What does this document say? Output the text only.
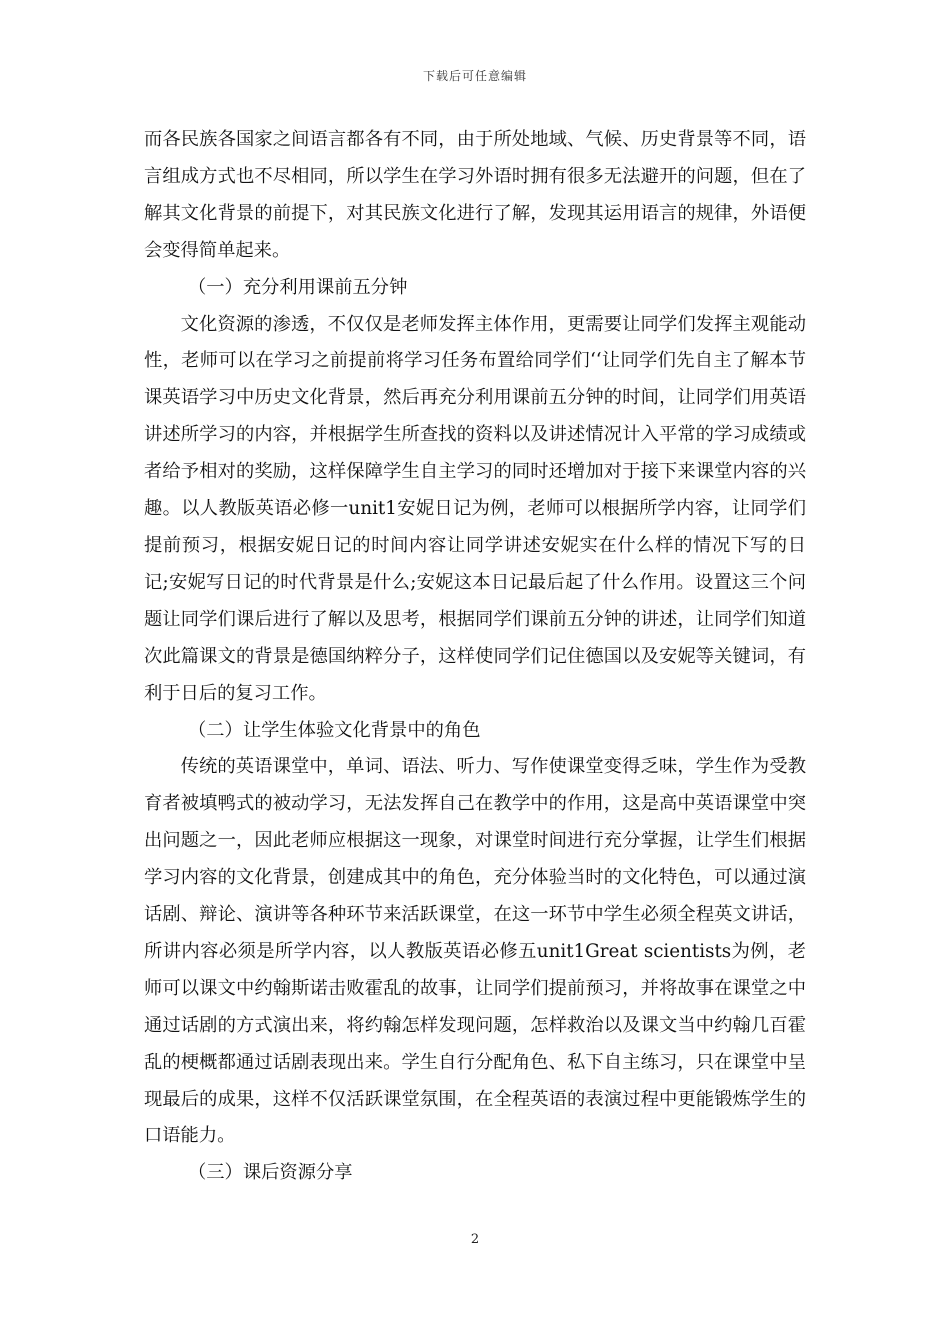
下载后可任意编辑

而各民族各国家之间语言都各有不同，由于所处地域、气候、历史背景等不同，语言组成方式也不尽相同，所以学生在学习外语时拥有很多无法避开的问题，但在了解其文化背景的前提下，对其民族文化进行了解，发现其运用语言的规律，外语便会变得简单起来。

（一）充分利用课前五分钟

文化资源的渗透，不仅仅是老师发挥主体作用，更需要让同学们发挥主观能动性，老师可以在学习之前提前将学习任务布置给同学们‘‘让同学们先自主了解本节课英语学习中历史文化背景，然后再充分利用课前五分钟的时间，让同学们用英语讲述所学习的内容，并根据学生所查找的资料以及讲述情况计入平常的学习成绩或者给予相对的奖励，这样保障学生自主学习的同时还增加对于接下来课堂内容的兴趣。以人教版英语必修一unit1安妮日记为例，老师可以根据所学内容，让同学们提前预习，根据安妮日记的时间内容让同学讲述安妮实在什么样的情况下写的日记;安妮写日记的时代背景是什么;安妮这本日记最后起了什么作用。设置这三个问题让同学们课后进行了解以及思考，根据同学们课前五分钟的讲述，让同学们知道次此篇课文的背景是德国纳粹分子，这样使同学们记住德国以及安妮等关键词，有利于日后的复习工作。

（二）让学生体验文化背景中的角色

传统的英语课堂中，单词、语法、听力、写作使课堂变得乏味，学生作为受教育者被填鸭式的被动学习，无法发挥自己在教学中的作用，这是高中英语课堂中突出问题之一，因此老师应根据这一现象，对课堂时间进行充分掌握，让学生们根据学习内容的文化背景，创建成其中的角色，充分体验当时的文化特色，可以通过演话剧、辩论、演讲等各种环节来活跃课堂，在这一环节中学生必须全程英文讲话，所讲内容必须是所学内容，以人教版英语必修五unit1Great scientists为例，老师可以课文中约翰斯诺击败霍乱的故事，让同学们提前预习，并将故事在课堂之中通过话剧的方式演出来，将约翰怎样发现问题，怎样救治以及课文当中约翰几百霍乱的梗概都通过话剧表现出来。学生自行分配角色、私下自主练习，只在课堂中呈现最后的成果，这样不仅活跃课堂氛围，在全程英语的表演过程中更能锻炼学生的口语能力。

（三）课后资源分享

2
